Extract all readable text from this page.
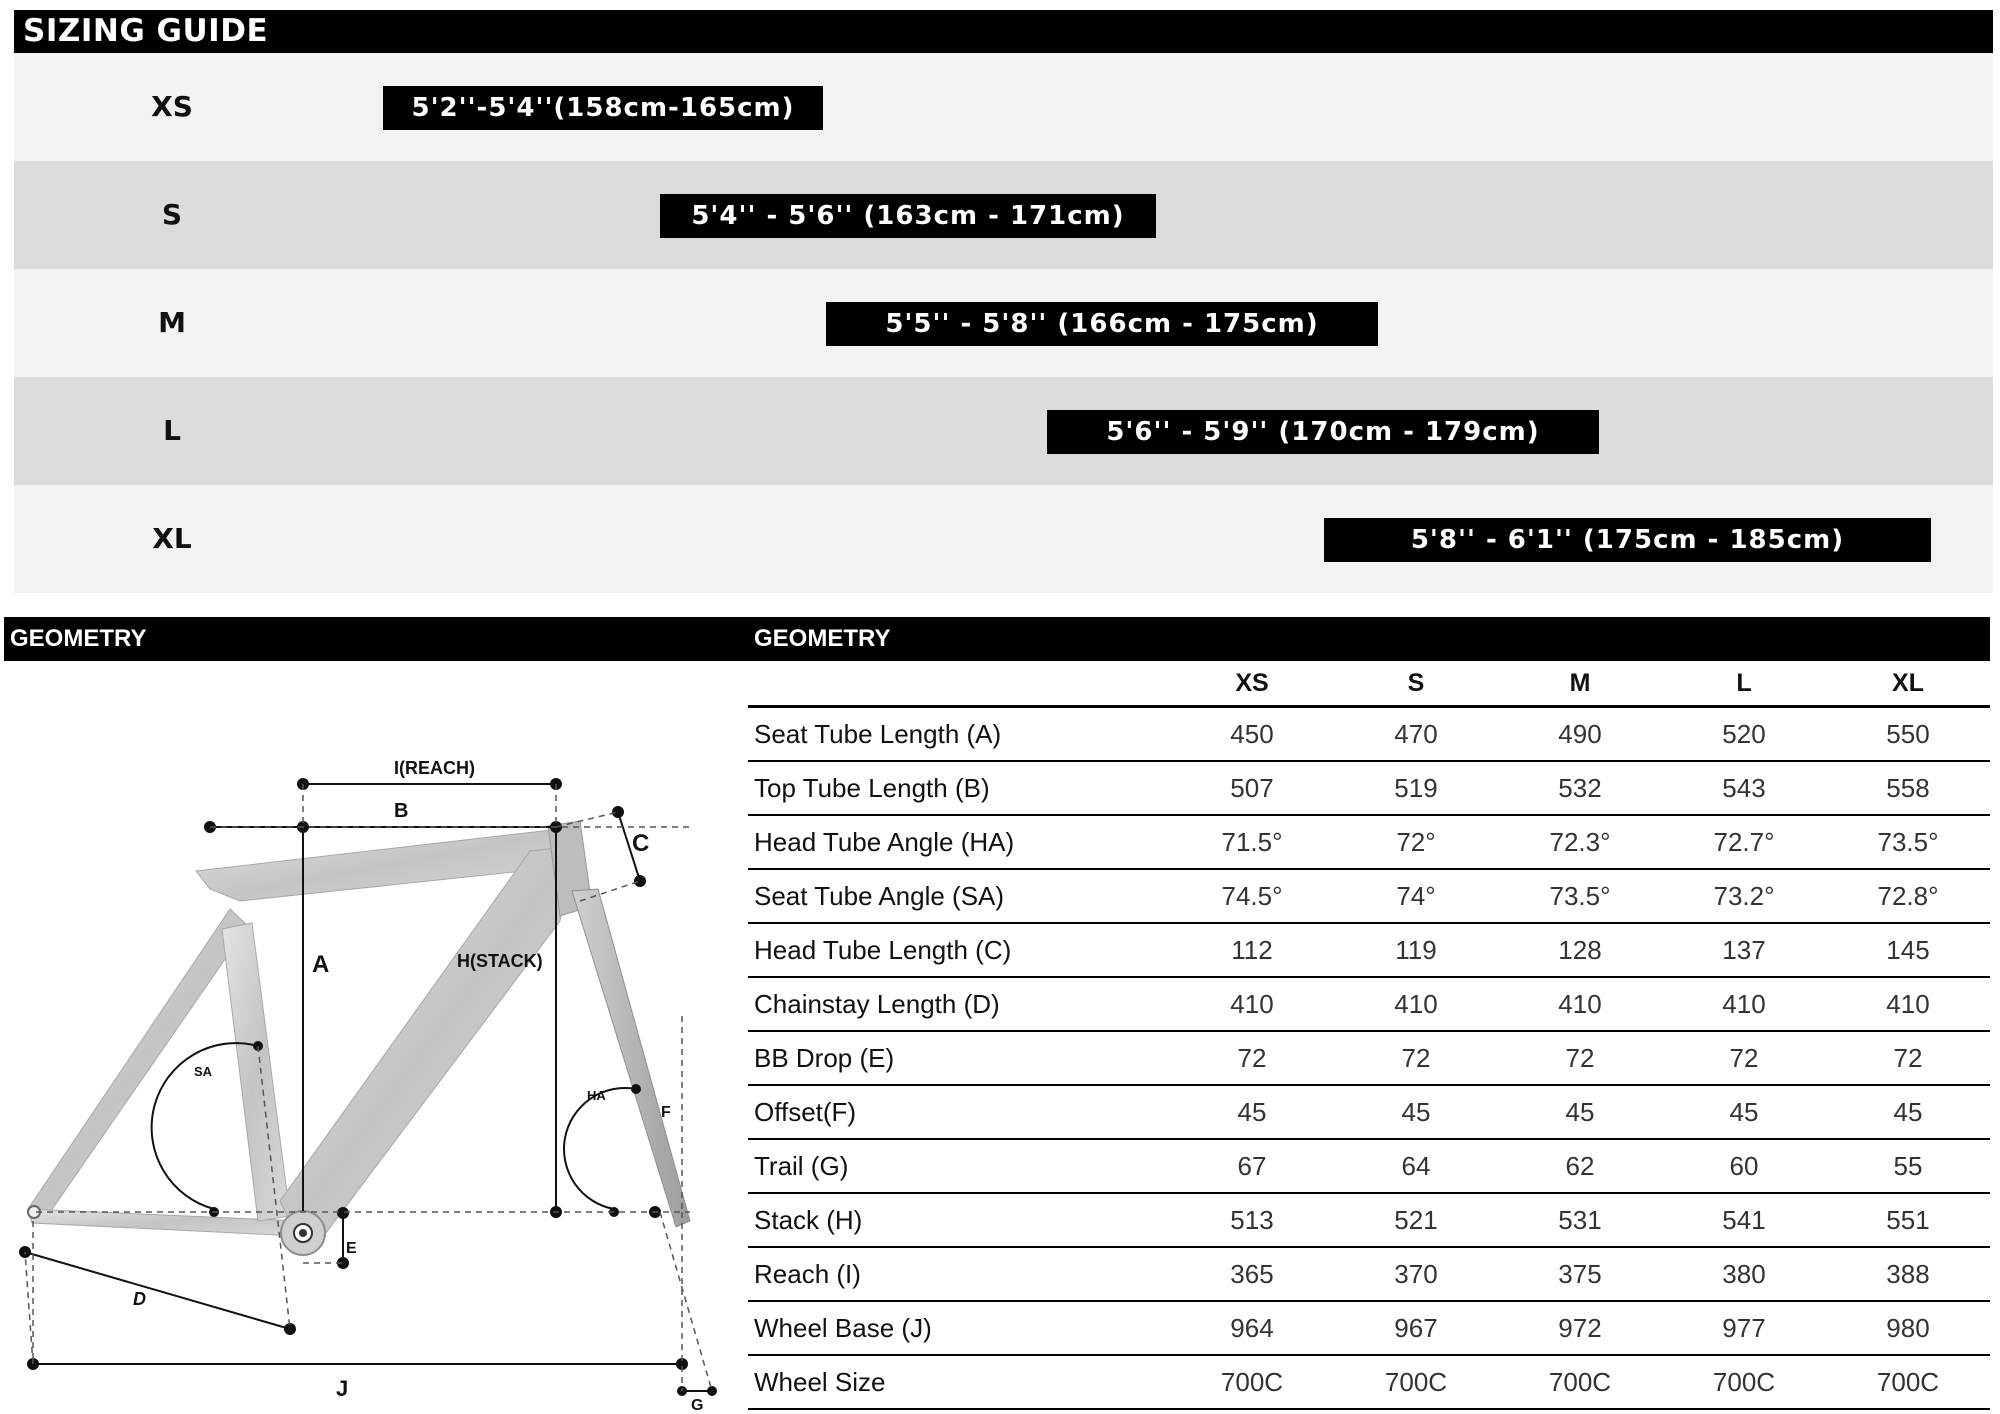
SIZING GUIDE
XS	5'2''-5'4''(158cm-165cm)
S	5'4'' - 5'6'' (163cm - 171cm)
M	5'5'' - 5'8'' (166cm - 175cm)
L	5'6'' - 5'9'' (170cm - 179cm)
XL	5'8'' - 6'1'' (175cm - 185cm)
GEOMETRY	GEOMETRY
I(REACH)
B
C
A	H(STACK)
SA
HA
E
F
D
J
G
	XS	S	M	L	XL
Seat Tube Length (A)	450	470	490	520	550
Top Tube Length (B)	507	519	532	543	558
Head Tube Angle (HA)	71.5°	72°	72.3°	72.7°	73.5°
Seat Tube Angle (SA)	74.5°	74°	73.5°	73.2°	72.8°
Head Tube Length (C)	112	119	128	137	145
Chainstay Length (D)	410	410	410	410	410
BB Drop (E)	72	72	72	72	72
Offset(F)	45	45	45	45	45
Trail (G)	67	64	62	60	55
Stack (H)	513	521	531	541	551
Reach (I)	365	370	375	380	388
Wheel Base (J)	964	967	972	977	980
Wheel Size	700C	700C	700C	700C	700C
